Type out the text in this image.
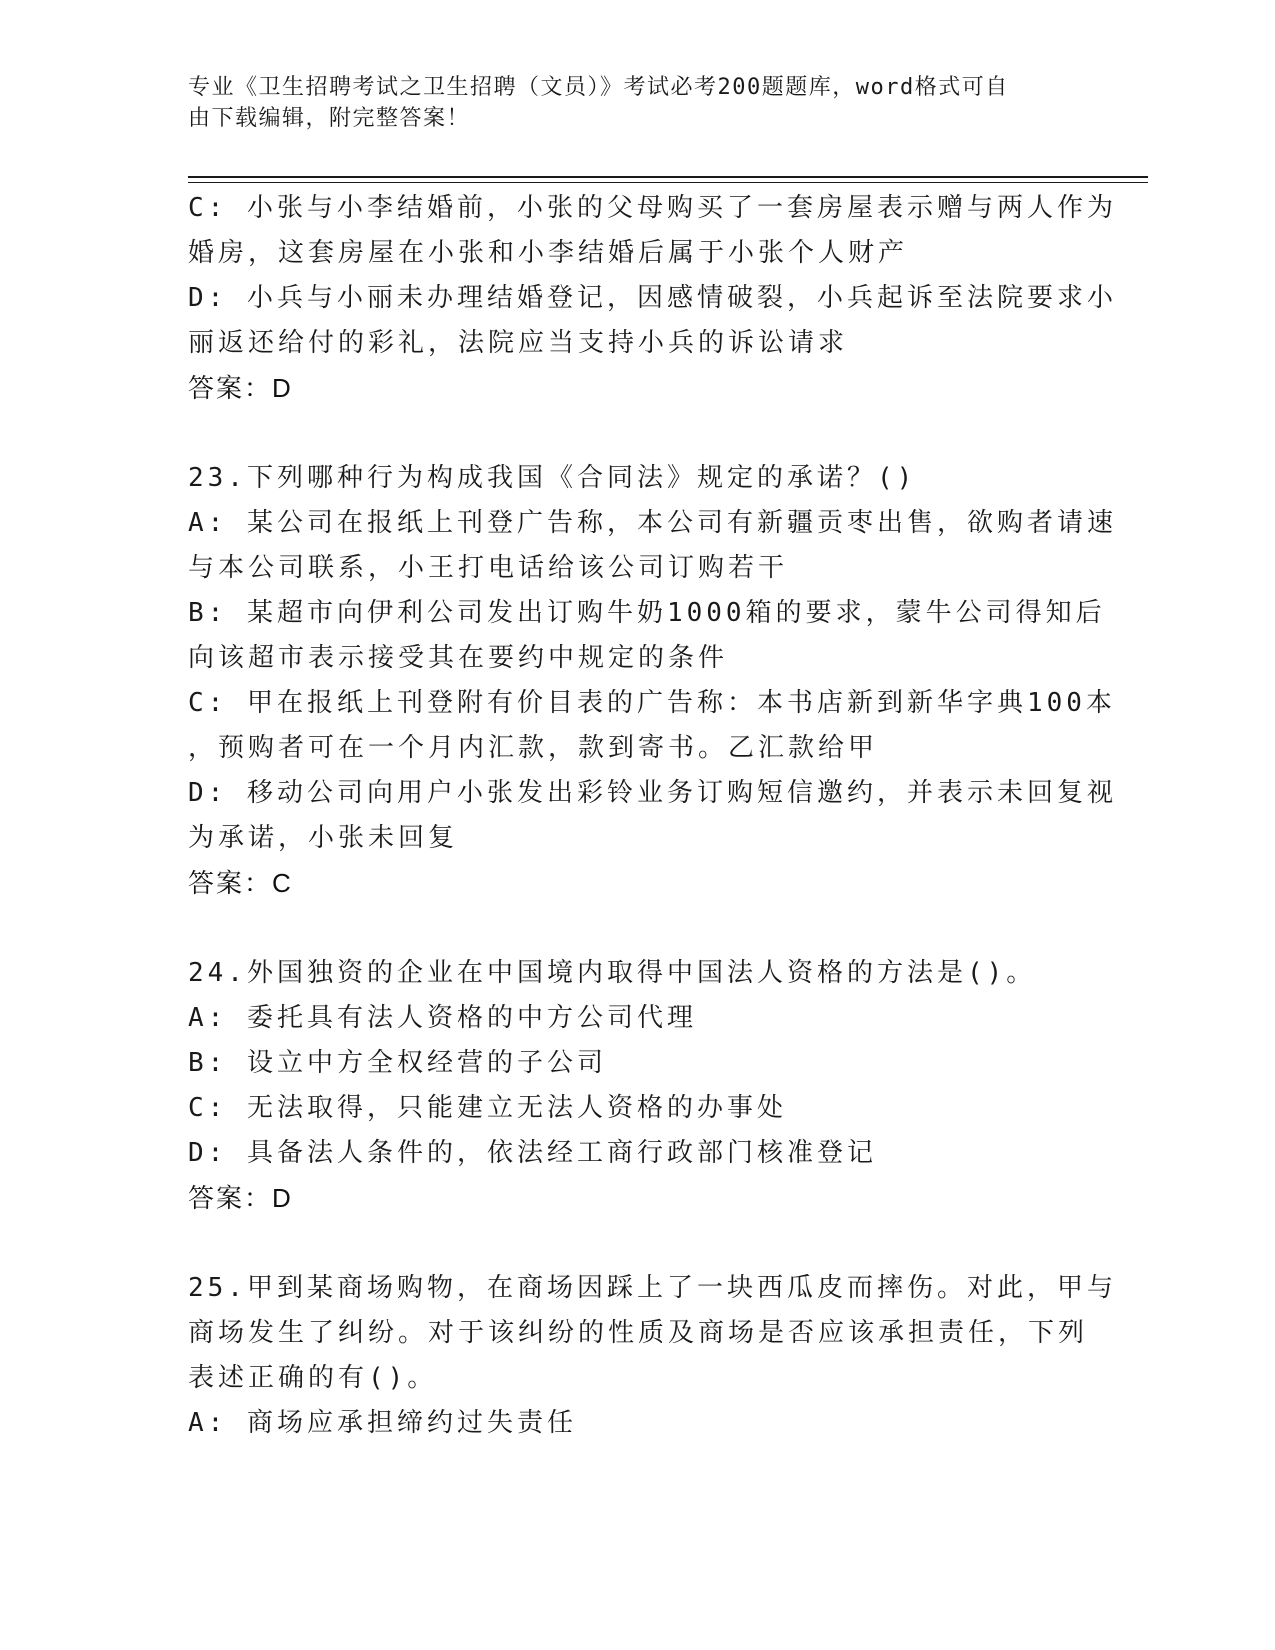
专业《卫生招聘考试之卫生招聘（文员）》考试必考200题题库，word格式可自
由下载编辑，附完整答案！
C: 小张与小李结婚前，小张的父母购买了一套房屋表示赠与两人作为
婚房，这套房屋在小张和小李结婚后属于小张个人财产
D: 小兵与小丽未办理结婚登记，因感情破裂，小兵起诉至法院要求小
丽返还给付的彩礼，法院应当支持小兵的诉讼请求
答案：D
23.下列哪种行为构成我国《合同法》规定的承诺？()
A: 某公司在报纸上刊登广告称，本公司有新疆贡枣出售，欲购者请速
与本公司联系，小王打电话给该公司订购若干
B: 某超市向伊利公司发出订购牛奶1000箱的要求，蒙牛公司得知后
向该超市表示接受其在要约中规定的条件
C: 甲在报纸上刊登附有价目表的广告称：本书店新到新华字典100本
，预购者可在一个月内汇款，款到寄书。乙汇款给甲
D: 移动公司向用户小张发出彩铃业务订购短信邀约，并表示未回复视
为承诺，小张未回复
答案：C
24.外国独资的企业在中国境内取得中国法人资格的方法是()。
A: 委托具有法人资格的中方公司代理
B: 设立中方全权经营的子公司
C: 无法取得，只能建立无法人资格的办事处
D: 具备法人条件的，依法经工商行政部门核准登记
答案：D
25.甲到某商场购物，在商场因踩上了一块西瓜皮而摔伤。对此，甲与
商场发生了纠纷。对于该纠纷的性质及商场是否应该承担责任，下列
表述正确的有()。
A: 商场应承担缔约过失责任
